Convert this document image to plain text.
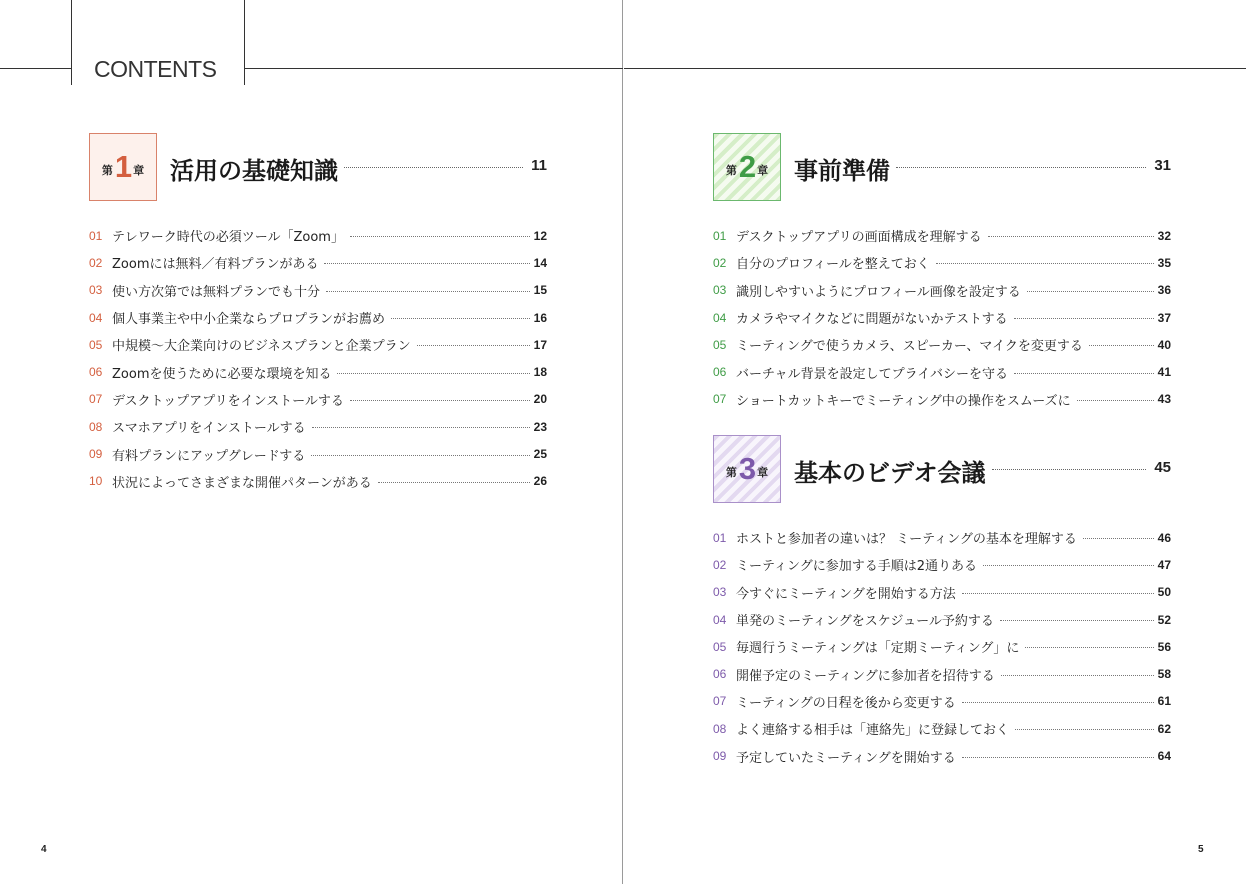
CONTENTS
第 1 章 活用の基礎知識	11
01 テレワーク時代の必須ツール「Zoom」	12
02 Zoomには無料／有料プランがある	14
03 使い方次第では無料プランでも十分	15
04 個人事業主や中小企業ならプロプランがお薦め	16
05 中規模〜大企業向けのビジネスプランと企業プラン	17
06 Zoomを使うために必要な環境を知る	18
07 デスクトップアプリをインストールする	20
08 スマホアプリをインストールする	23
09 有料プランにアップグレードする	25
10 状況によってさまざまな開催パターンがある	26
4
第 2 章 事前準備	31
01 デスクトップアプリの画面構成を理解する	32
02 自分のプロフィールを整えておく	35
03 識別しやすいようにプロフィール画像を設定する	36
04 カメラやマイクなどに問題がないかテストする	37
05 ミーティングで使うカメラ、スピーカー、マイクを変更する	40
06 バーチャル背景を設定してプライバシーを守る	41
07 ショートカットキーでミーティング中の操作をスムーズに	43
第 3 章 基本のビデオ会議	45
01 ホストと参加者の違いは？ ミーティングの基本を理解する	46
02 ミーティングに参加する手順は2通りある	47
03 今すぐにミーティングを開始する方法	50
04 単発のミーティングをスケジュール予約する	52
05 毎週行うミーティングは「定期ミーティング」に	56
06 開催予定のミーティングに参加者を招待する	58
07 ミーティングの日程を後から変更する	61
08 よく連絡する相手は「連絡先」に登録しておく	62
09 予定していたミーティングを開始する	64
5
